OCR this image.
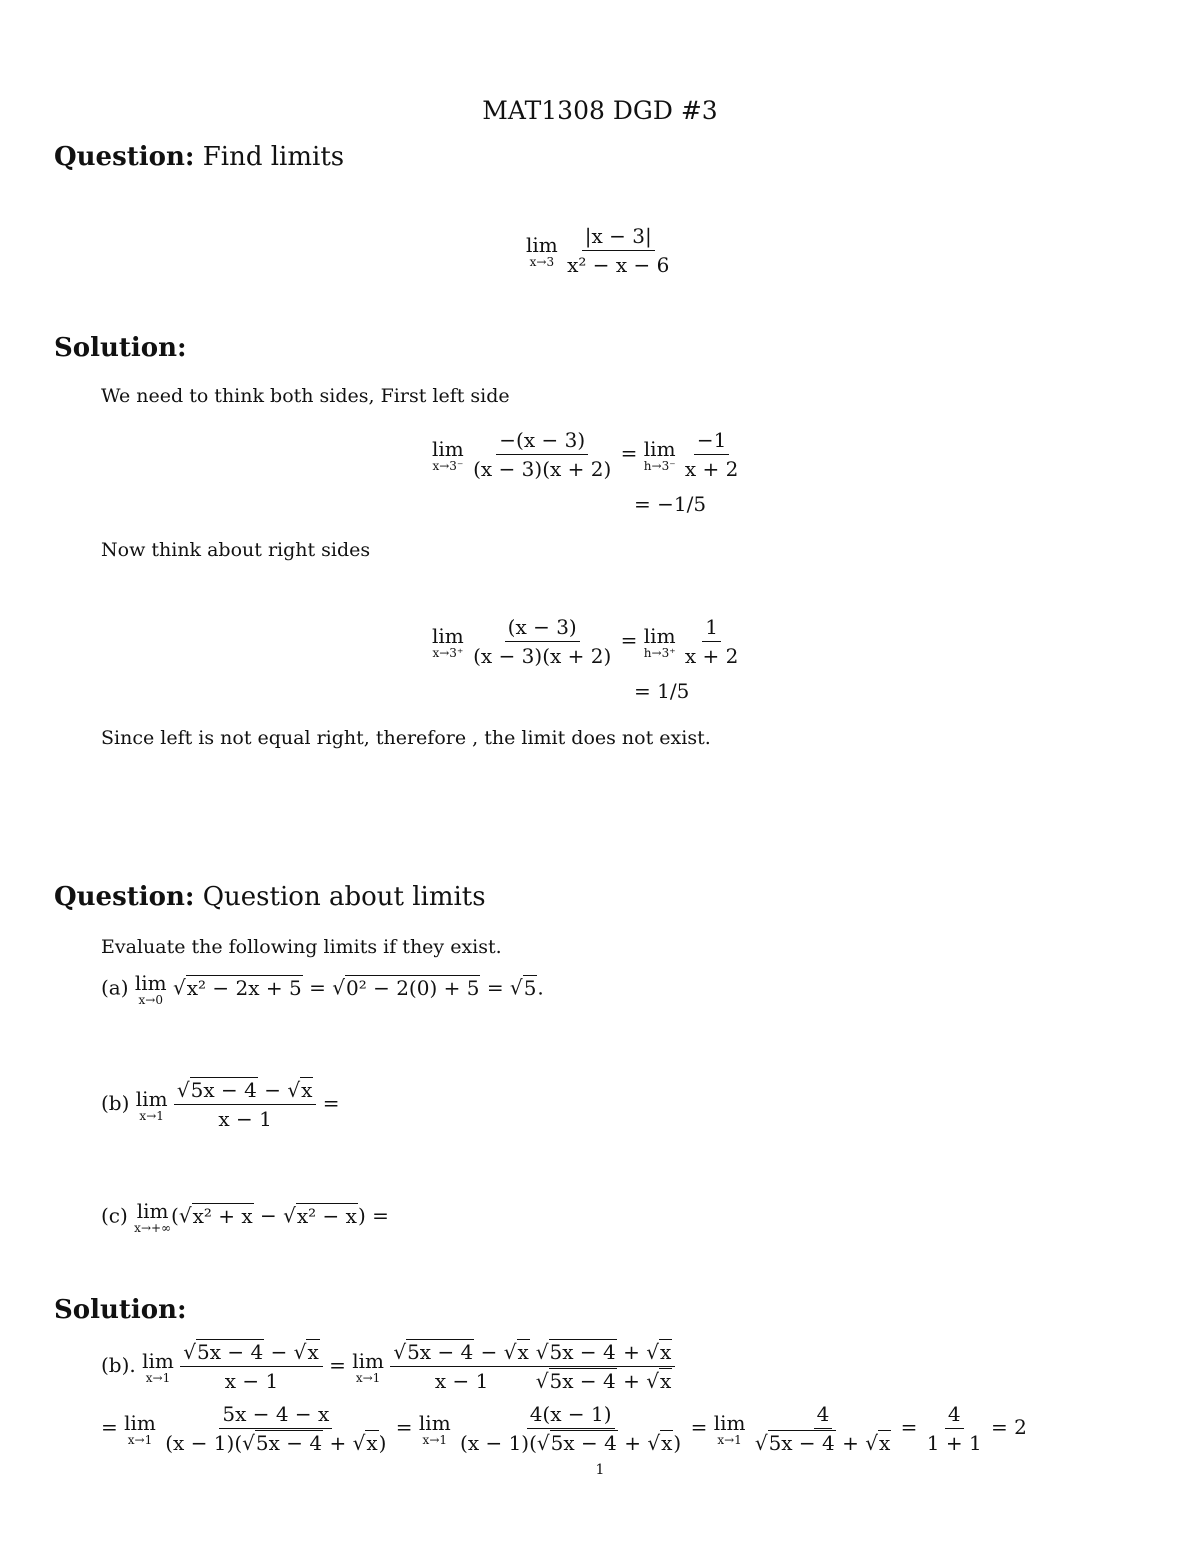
MAT1308 DGD #3
Question: Find limits
lim
x→3
$\frac{|x - 3|}{\text{x² − x − 6}}$
Solution:
We need to think both sides, First left side
lim
x→3⁻
$\frac{-(x - 3)}{(x - 3)(x + 2)} = \lim$
h→3⁻
$\frac{-1}{x + 2}$
= −1/5
Now think about right sides
lim
x→3⁺
$\frac{(x - 3)}{(x - 3)(x + 2)} = \lim$
h→3⁺
$\frac{1}{x + 2}$
= 1/5
Since left is not equal right, therefore , the limit does not exist.
Question: Question about limits
Evaluate the following limits if they exist.
(a) lim
x→0
√x² − 2x + 5 = √0² − 2(0) + 5 = √5.
(b) lim
x→1
$\frac{√5x - 4 - √x}{x - 1}$ =
(c) lim
x→+∞
(√x² + x − √x² − x) =
Solution:
(b). lim
x→1
$\frac{√5x - 4 - √x}{x - 1} = \lim$
x→1
$\frac{√5x - 4 - √x}{x - 1} \frac{√5x - 4 + √x}{√5x - 4 + √x}$
= lim
x→1
$\frac{5x - 4 - x}{(x - 1)(√5x - 4 + √x)} = \lim$
x→1
$\frac{4(x - 1)}{(x - 1)(√5x - 4 + √x)} = \lim$
x→1
$\frac{4}{√5x - 4 + √x} = \frac{4}{1 + 1} = 2$
1
